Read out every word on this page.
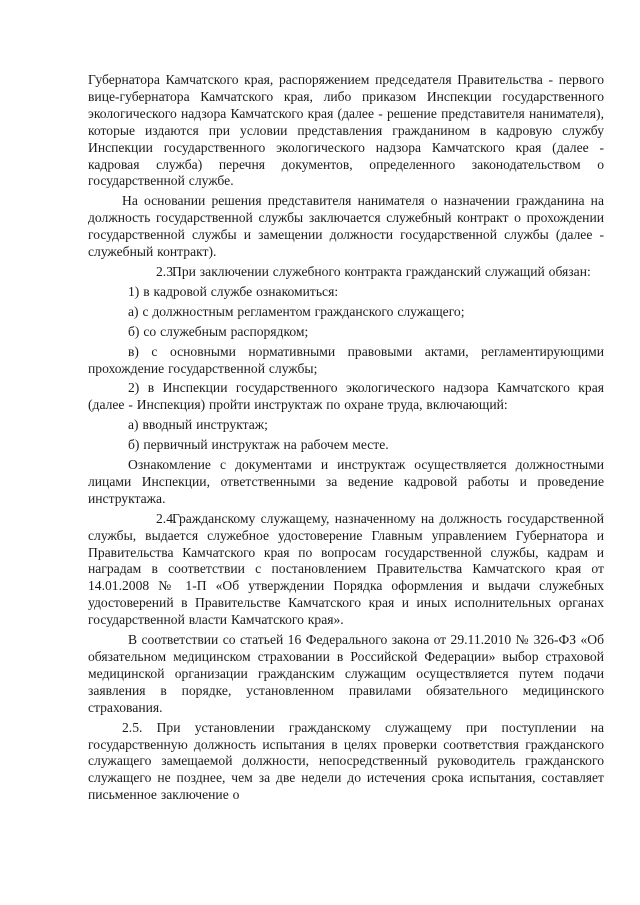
Губернатора Камчатского края, распоряжением председателя Правительства - первого вице-губернатора Камчатского края, либо приказом Инспекции государственного экологического надзора Камчатского края (далее - решение представителя нанимателя), которые издаются при условии представления гражданином в кадровую службу Инспекции государственного экологического надзора Камчатского края (далее - кадровая служба) перечня документов, определенного законодательством о государственной службе.

На основании решения представителя нанимателя о назначении гражданина на должность государственной службы заключается служебный контракт о прохождении государственной службы и замещении должности государственной службы (далее - служебный контракт).

2.3.При заключении служебного контракта гражданский служащий обязан:

1) в кадровой службе ознакомиться:

а) с должностным регламентом гражданского служащего;

б) со служебным распорядком;

в) с основными нормативными правовыми актами, регламентирующими прохождение государственной службы;

2) в Инспекции государственного экологического надзора Камчатского края (далее - Инспекция) пройти инструктаж по охране труда, включающий:

а) вводный инструктаж;

б) первичный инструктаж на рабочем месте.

Ознакомление с документами и инструктаж осуществляется должностными лицами Инспекции, ответственными за ведение кадровой работы и проведение инструктажа.

2.4.Гражданскому служащему, назначенному на должность государственной службы, выдается служебное удостоверение Главным управлением Губернатора и Правительства Камчатского края по вопросам государственной службы, кадрам и наградам в соответствии с постановлением Правительства Камчатского края от 14.01.2008 № 1-П «Об утверждении Порядка оформления и выдачи служебных удостоверений в Правительстве Камчатского края и иных исполнительных органах государственной власти Камчатского края».

В соответствии со статьей 16 Федерального закона от 29.11.2010 № 326-ФЗ «Об обязательном медицинском страховании в Российской Федерации» выбор страховой медицинской организации гражданским служащим осуществляется путем подачи заявления в порядке, установленном правилами обязательного медицинского страхования.

2.5. При установлении гражданскому служащему при поступлении на государственную должность испытания в целях проверки соответствия гражданского служащего замещаемой должности, непосредственный руководитель гражданского служащего не позднее, чем за две недели до истечения срока испытания, составляет письменное заключение о
